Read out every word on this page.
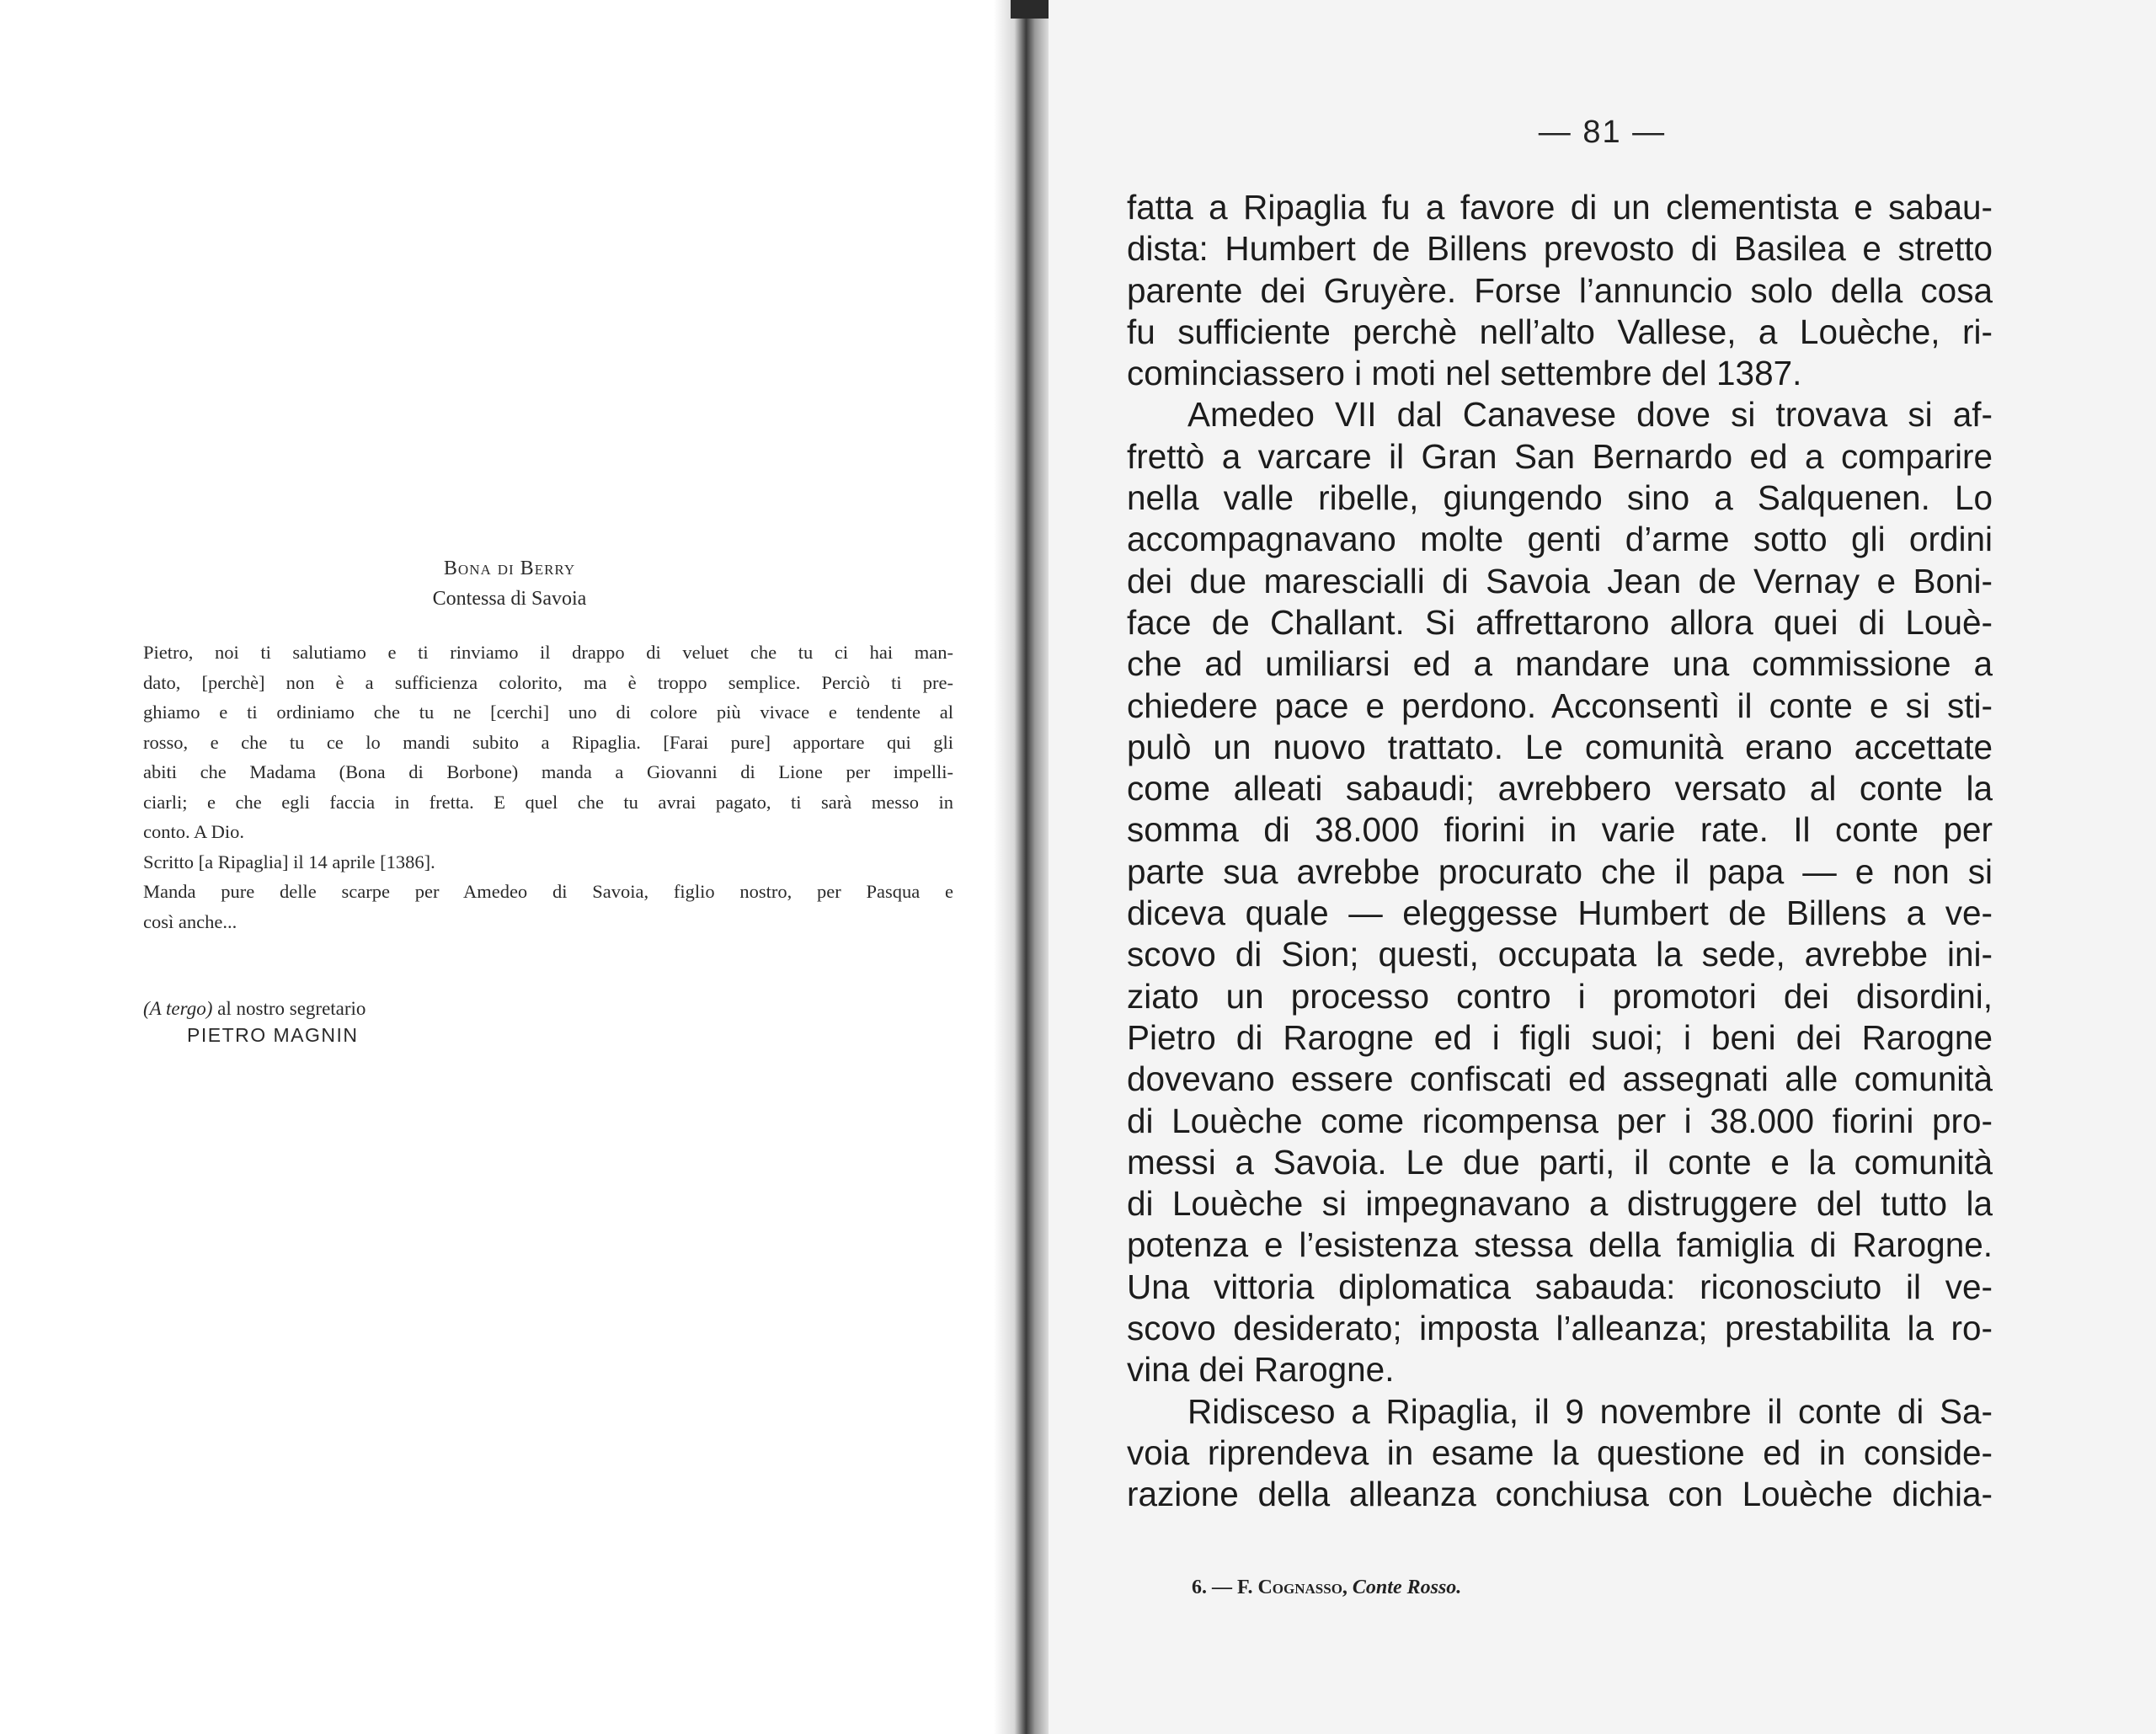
Bona di Berry
Contessa di Savoia

Pietro, noi ti salutiamo e ti rinviamo il drappo di velu​et che tu ci hai man-

dato, [perchè] non è a sufficienza colorito, ma è troppo semplice. Perciò ti pre-

ghiamo e ti ordiniamo che tu ne [cerchi] uno di colore più vivace e tendente al

rosso, e che tu ce lo mandi subito a Ripaglia. [Farai pure] apportare qui gli

abiti che Madama (Bona di Borbone) manda a Giovanni di Lione per impelli-

ciarli; e che egli faccia in fretta. E quel che tu avrai pagato, ti sarà messo in

conto. A Dio.

Scritto [a Ripaglia] il 14 aprile [1386].

Manda pure delle scarpe per Amedeo di Savoia, figlio nostro, per Pasqua e

così anche...

(A tergo) al nostro segretario
PIETRO MAGNIN
— 81 —
fatta a Ripaglia fu a favore di un clementista e sabau-
dista: Humbert de Billens prevosto di Basilea e stretto
parente dei Gruyère. Forse l’annuncio solo della cosa
fu sufficiente perchè nell’alto Vallese, a Louèche, ri-
cominciassero i moti nel settembre del 1387.
Amedeo VII dal Canavese dove si trovava si af-
frettò a varcare il Gran San Bernardo ed a comparire
nella valle ribelle, giungendo sino a Salquenen. Lo
accompagnavano molte genti d’arme sotto gli ordini
dei due marescialli di Savoia Jean de Vernay e Boni-
face de Challant. Si affrettarono allora quei di Louè-
che ad umiliarsi ed a mandare una commissione a
chiedere pace e perdono. Acconsentì il conte e si sti-
pulò un nuovo trattato. Le comunità erano accettate
come alleati sabaudi; avrebbero versato al conte la
somma di 38.000 fiorini in varie rate. Il conte per
parte sua avrebbe procurato che il papa — e non si
diceva quale — eleggesse Humbert de Billens a ve-
scovo di Sion; questi, occupata la sede, avrebbe ini-
ziato un processo contro i promotori dei disordini,
Pietro di Rarogne ed i figli suoi; i beni dei Rarogne
dovevano essere confiscati ed assegnati alle comunità
di Louèche come ricompensa per i 38.000 fiorini pro-
messi a Savoia. Le due parti, il conte e la comunità
di Louèche si impegnavano a distruggere del tutto la
potenza e l’esistenza stessa della famiglia di Rarogne.
Una vittoria diplomatica sabauda: riconosciuto il ve-
scovo desiderato; imposta l’alleanza; prestabilita la ro-
vina dei Rarogne.
Ridisceso a Ripaglia, il 9 novembre il conte di Sa-
voia riprendeva in esame la questione ed in conside-
razione della alleanza conchiusa con Louèche dichia-
6. — F. Cognasso, Conte Rosso.
